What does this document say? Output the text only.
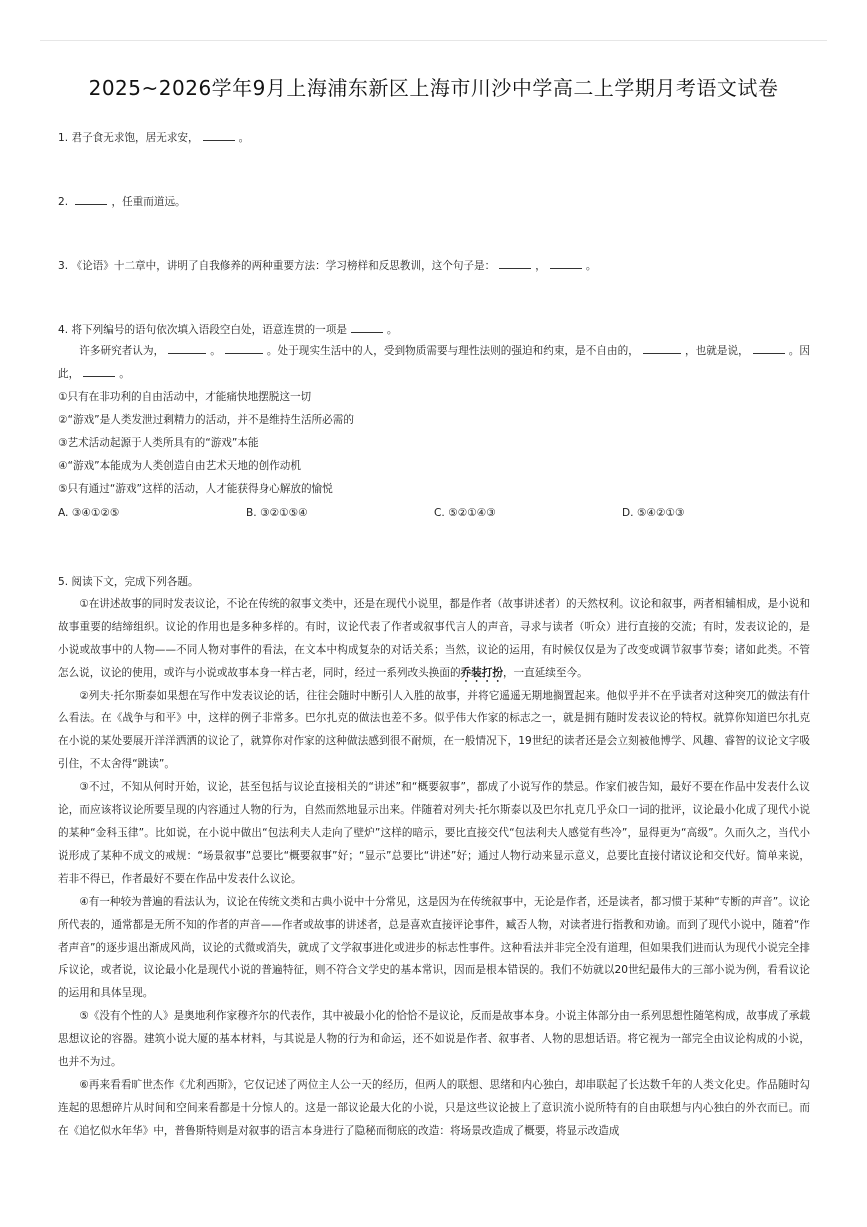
2025~2026学年9月上海浦东新区上海市川沙中学高二上学期月考语文试卷
1. 君子食无求饱，居无求安，	。
2.	，任重而道远。
3. 《论语》十二章中，讲明了自我修养的两种重要方法：学习榜样和反思教训，这个句子是：	，	。
4. 将下列编号的语句依次填入语段空白处，语意连贯的一项是	。

许多研究者认为，	。	。处于现实生活中的人，受到物质需要与理性法则的强迫和约束，是不自由的，	，也就是说，	。因此，	。

①只有在非功利的自由活动中，才能痛快地摆脱这一切
②“游戏”是人类发泄过剩精力的活动，并不是维持生活所必需的
③艺术活动起源于人类所具有的“游戏”本能
④“游戏”本能成为人类创造自由艺术天地的创作动机
⑤只有通过“游戏”这样的活动，人才能获得身心解放的愉悦
A. ③④①②⑤	B. ③②①⑤④	C. ⑤②①④③	D. ⑤④②①③
5. 阅读下文，完成下列各题。

①在讲述故事的同时发表议论，不论在传统的叙事文类中，还是在现代小说里，都是作者（故事讲述者）的天然权利。议论和叙事，两者相辅相成，是小说和故事重要的结缔组织。议论的作用也是多种多样的。有时，议论代表了作者或叙事代言人的声音，寻求与读者（听众）进行直接的交流；有时，发表议论的，是小说或故事中的人物——不同人物对事件的看法，在文本中构成复杂的对话关系；当然，议论的运用，有时候仅仅是为了改变或调节叙事节奏；诸如此类。不管怎么说，议论的使用，或许与小说或故事本身一样古老，同时，经过一系列改头换面的乔装打扮，一直延续至今。

②列夫·托尔斯泰如果想在写作中发表议论的话，往往会随时中断引人入胜的故事，并将它遥遥无期地搁置起来。他似乎并不在乎读者对这种突兀的做法有什么看法。在《战争与和平》中，这样的例子非常多。巴尔扎克的做法也差不多。似乎伟大作家的标志之一，就是拥有随时发表议论的特权。就算你知道巴尔扎克在小说的某处要展开洋洋洒洒的议论了，就算你对作家的这种做法感到很不耐烦，在一般情况下，19世纪的读者还是会立刻被他博学、风趣、睿智的议论文字吸引住，不太舍得“跳读”。

③不过，不知从何时开始，议论，甚至包括与议论直接相关的“讲述”和“概要叙事”，都成了小说写作的禁忌。作家们被告知，最好不要在作品中发表什么议论，而应该将议论所要呈现的内容通过人物的行为，自然而然地显示出来。伴随着对列夫·托尔斯泰以及巴尔扎克几乎众口一词的批评，议论最小化成了现代小说的某种“金科玉律”。比如说，在小说中做出“包法利夫人走向了壁炉”这样的暗示，要比直接交代“包法利夫人感觉有些冷”，显得更为“高级”。久而久之，当代小说形成了某种不成文的戒规：“场景叙事”总要比“概要叙事”好；“显示”总要比“讲述”好；通过人物行动来显示意义，总要比直接付诸议论和交代好。简单来说，若非不得已，作者最好不要在作品中发表什么议论。

④有一种较为普遍的看法认为，议论在传统文类和古典小说中十分常见，这是因为在传统叙事中，无论是作者，还是读者，都习惯于某种“专断的声音”。议论所代表的，通常都是无所不知的作者的声音——作者或故事的讲述者，总是喜欢直接评论事件，臧否人物，对读者进行指教和劝谕。而到了现代小说中，随着“作者声音”的逐步退出渐成风尚，议论的式微或消失，就成了文学叙事进化或进步的标志性事件。这种看法并非完全没有道理，但如果我们进而认为现代小说完全排斥议论，或者说，议论最小化是现代小说的普遍特征，则不符合文学史的基本常识，因而是根本错误的。我们不妨就以20世纪最伟大的三部小说为例，看看议论的运用和具体呈现。

⑤《没有个性的人》是奥地利作家穆齐尔的代表作，其中被最小化的恰恰不是议论，反而是故事本身。小说主体部分由一系列思想性随笔构成，故事成了承载思想议论的容器。建筑小说大厦的基本材料，与其说是人物的行为和命运，还不如说是作者、叙事者、人物的思想话语。将它视为一部完全由议论构成的小说，也并不为过。

⑥再来看看旷世杰作《尤利西斯》，它仅记述了两位主人公一天的经历，但两人的联想、思绪和内心独白，却串联起了长达数千年的人类文化史。作品随时勾连起的思想碎片从时间和空间来看都是十分惊人的。这是一部议论最大化的小说，只是这些议论披上了意识流小说所特有的自由联想与内心独白的外衣而已。而在《追忆似水年华》中，普鲁斯特则是对叙事的语言本身进行了隐秘而彻底的改造：将场景改造成了概要，将显示改造成
